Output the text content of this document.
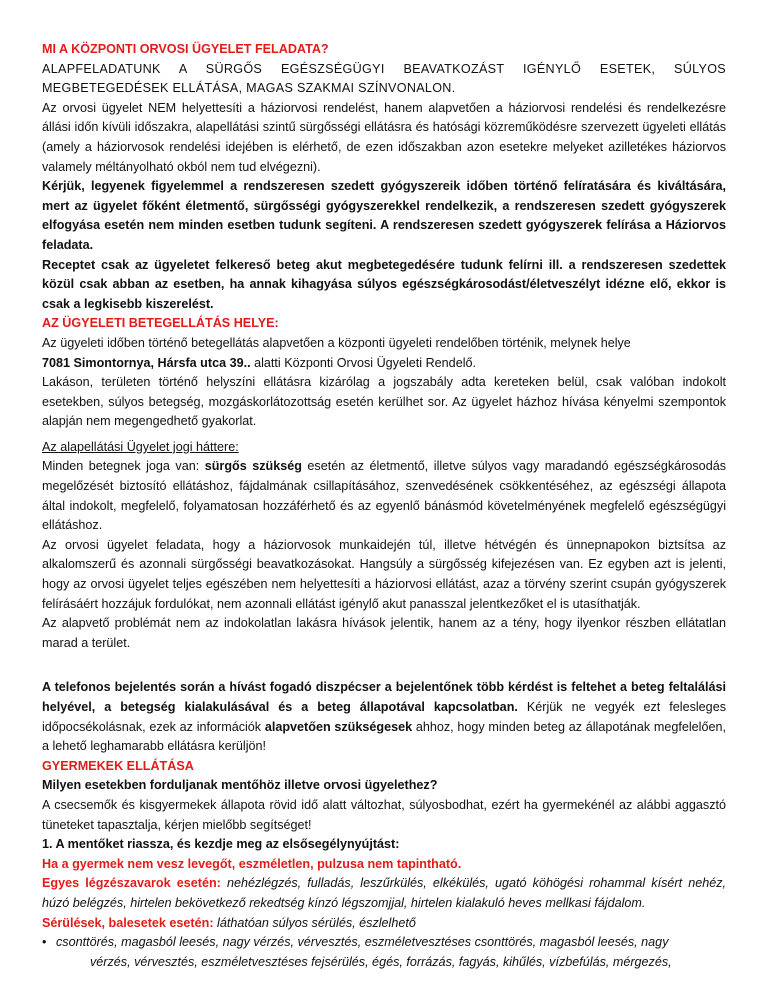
MI A KÖZPONTI ORVOSI ÜGYELET FELADATA?

ALAPFELADATUNK A SÜRGŐS EGÉSZSÉGÜGYI BEAVATKOZÁST IGÉNYLŐ ESETEK, SÚLYOS MEGBETEGEDÉSEK ELLÁTÁSA, MAGAS SZAKMAI SZÍNVONALON.

Az orvosi ügyelet NEM helyettesíti a háziorvosi rendelést, hanem alapvetően a háziorvosi rendelési és rendelkezésre állási időn kívüli időszakra, alapellátási szintű sürgősségi ellátásra és hatósági közreműködésre szervezett ügyeleti ellátás (amely a háziorvosok rendelési idejében is elérhető, de ezen időszakban azon esetekre melyeket azilletékes háziorvos valamely méltányolható okból nem tud elvégezni).

Kérjük, legyenek figyelemmel a rendszeresen szedett gyógyszereik időben történő felíratására és kiváltására, mert az ügyelet főként életmentő, sürgősségi gyógyszerekkel rendelkezik, a rendszeresen szedett gyógyszerek elfogyása esetén nem minden esetben tudunk segíteni. A rendszeresen szedett gyógyszerek felírása a Háziorvos feladata.

Receptet csak az ügyeletet felkereső beteg akut megbetegedésére tudunk felírni ill. a rendszeresen szedettek közül csak abban az esetben, ha annak kihagyása súlyos egészségkárosodást/életveszélyt idézne elő, ekkor is csak a legkisebb kiszerelést.

AZ ÜGYELETI BETEGELLÁTÁS HELYE:

Az ügyeleti időben történő betegellátás alapvetően a központi ügyeleti rendelőben történik, melynek helye
7081 Simontornya, Hársfa utca 39.. alatti Központi Orvosi Ügyeleti Rendelő.

Lakáson, területen történő helyszíni ellátásra kizárólag a jogszabály adta kereteken belül, csak valóban indokolt esetekben, súlyos betegség, mozgáskorlátozottság esetén kerülhet sor. Az ügyelet házhoz hívása kényelmi szempontok alapján nem megengedhető gyakorlat.

Az alapellátási Ügyelet jogi háttere:

Minden betegnek joga van: sürgős szükség esetén az életmentő, illetve súlyos vagy maradandó egészségkárosodás megelőzését biztosító ellátáshoz, fájdalmának csillapításához, szenvedésének csökkentéséhez, az egészségi állapota által indokolt, megfelelő, folyamatosan hozzáférhető és az egyenlő bánásmód követelményének megfelelő egészségügyi ellátáshoz.

Az orvosi ügyelet feladata, hogy a háziorvosok munkaidején túl, illetve hétvégén és ünnepnapokon biztsítsa az alkalomszerű és azonnali sürgősségi beavatkozásokat. Hangsúly a sürgősség kifejezésen van. Ez egyben azt is jelenti, hogy az orvosi ügyelet teljes egészében nem helyettesíti a háziorvosi ellátást, azaz a törvény szerint csupán gyógyszerek felírásáért hozzájuk fordulókat, nem azonnali ellátást igénylő akut panasszal jelentkezőket el is utasíthatják.

Az alapvető problémát nem az indokolatlan lakásra hívások jelentik, hanem az a tény, hogy ilyenkor részben ellátatlan marad a terület.

A telefonos bejelentés során a hívást fogadó diszpécser a bejelentőnek több kérdést is feltehet a beteg feltalálási helyével, a betegség kialakulásával és a beteg állapotával kapcsolatban. Kérjük ne vegyék ezt felesleges időpocsékolásnak, ezek az információk alapvetően szükségesek ahhoz, hogy minden beteg az állapotának megfelelően, a lehető leghamarabb ellátásra kerüljön!

GYERMEKEK ELLÁTÁSA

Milyen esetekben forduljanak mentőhöz illetve orvosi ügyelethez?

A csecsemők és kisgyermekek állapota rövid idő alatt változhat, súlyosbodhat, ezért ha gyermekénél az alábbi aggasztó tüneteket tapasztalja, kérjen mielőbb segítséget!

1. A mentőket riassza, és kezdje meg az elsősegélynyújtást:

Ha a gyermek nem vesz levegőt, eszméletlen, pulzusa nem tapintható.

Egyes légzészavarok esetén: nehézlégzés, fulladás, leszűrkülés, elkékülés, ugató köhögési rohammal kísért nehéz, húzó belégzés, hirtelen bekövetkező rekedtség kínzó légszomjjal, hirtelen kialakuló heves mellkasi fájdalom.

Sérülések, balesetek esetén: láthatóan súlyos sérülés, észlelhető

• csonttörés, magasból leesés, nagy vérzés, vérvesztés, eszméletvesztéses csonttörés, magasból leesés, nagy

vérzés, vérvesztés, eszméletvesztéses fejsérülés, égés, forrázás, fagyás, kihűlés, vízbefúlás, mérgezés,
